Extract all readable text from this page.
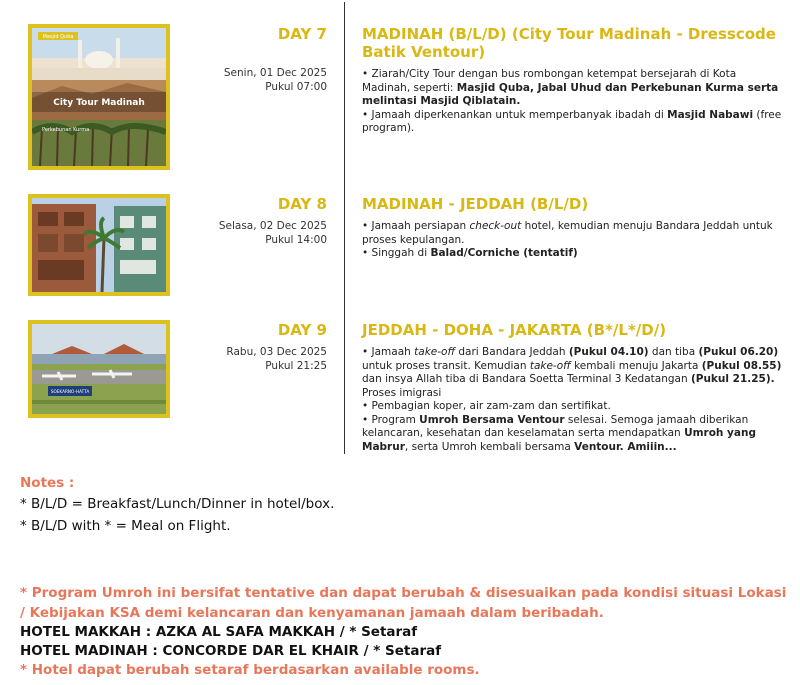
Masjid Quba
City Tour Madinah
Perkebunan Kurma
DAY 7
Senin, 01 Dec 2025
Pukul 07:00
MADINAH (B/L/D) (City Tour Madinah - Dresscode Batik Ventour)

• Ziarah/City Tour dengan bus rombongan ketempat bersejarah di Kota Madinah, seperti: Masjid Quba, Jabal Uhud dan Perkebunan Kurma serta melintasi Masjid Qiblatain.

• Jamaah diperkenankan untuk memperbanyak ibadah di Masjid Nabawi (free program).

DAY 8
Selasa, 02 Dec 2025
Pukul 14:00
MADINAH - JEDDAH (B/L/D)

• Jamaah persiapan check-out hotel, kemudian menuju Bandara Jeddah untuk proses kepulangan.

• Singgah di Balad/Corniche (tentatif)

SOEKARNO-HATTA
DAY 9
Rabu, 03 Dec 2025
Pukul 21:25
JEDDAH - DOHA - JAKARTA (B*/L*/D/)

• Jamaah take-off dari Bandara Jeddah (Pukul 04.10) dan tiba (Pukul 06.20) untuk proses transit. Kemudian take-off kembali menuju Jakarta (Pukul 08.55) dan insya Allah tiba di Bandara Soetta Terminal 3 Kedatangan (Pukul 21.25). Proses imigrasi

• Pembagian koper, air zam-zam dan sertifikat.

• Program Umroh Bersama Ventour selesai. Semoga jamaah diberikan kelancaran, kesehatan dan keselamatan serta mendapatkan Umroh yang Mabrur, serta Umroh kembali bersama Ventour. Amiiin...

Notes :
* B/L/D = Breakfast/Lunch/Dinner in hotel/box.
* B/L/D with * = Meal on Flight.
* Program Umroh ini bersifat tentative dan dapat berubah & disesuaikan pada kondisi situasi Lokasi / Kebijakan KSA demi kelancaran dan kenyamanan jamaah dalam beribadah.
HOTEL MAKKAH : AZKA AL SAFA MAKKAH / * Setaraf
HOTEL MADINAH : CONCORDE DAR EL KHAIR / * Setaraf
* Hotel dapat berubah setaraf berdasarkan available rooms.
